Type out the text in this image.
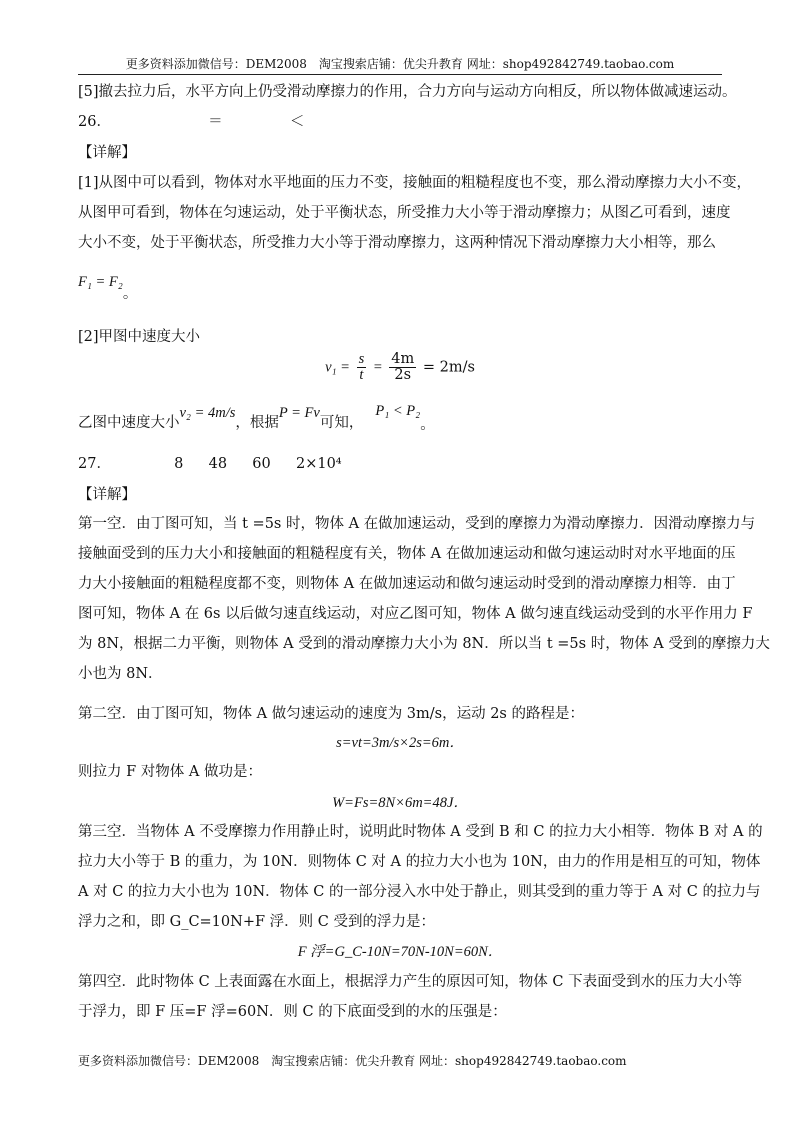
更多资料添加微信号：DEM2008　淘宝搜索店铺：优尖升教育 网址：shop492842749.taobao.com
[5]撤去拉力后，水平方向上仍受滑动摩擦力的作用，合力方向与运动方向相反，所以物体做减速运动。
26．	＝	＜
【详解】
[1]从图中可以看到，物体对水平地面的压力不变，接触面的粗糙程度也不变，那么滑动摩擦力大小不变，
从图甲可看到，物体在匀速运动，处于平衡状态，所受推力大小等于滑动摩擦力；从图乙可看到，速度
大小不变，处于平衡状态，所受推力大小等于滑动摩擦力，这两种情况下滑动摩擦力大小相等，那么
F₁ = F₂。
[2]甲图中速度大小
$v_1 = \frac{s}{t} = \frac{4m}{2s} = 2m/s$
乙图中速度大小v₂ = 4m/s，根据P = Fv可知，P₁ < P₂。
27．	8 48 60 2×10⁴
【详解】
第一空．由丁图可知，当 t =5s 时，物体 A 在做加速运动，受到的摩擦力为滑动摩擦力．因滑动摩擦力与
接触面受到的压力大小和接触面的粗糙程度有关，物体 A 在做加速运动和做匀速运动时对水平地面的压
力大小接触面的粗糙程度都不变，则物体 A 在做加速运动和做匀速运动时受到的滑动摩擦力相等．由丁
图可知，物体 A 在 6s 以后做匀速直线运动，对应乙图可知，物体 A 做匀速直线运动受到的水平作用力 F
为 8N，根据二力平衡，则物体 A 受到的滑动摩擦力大小为 8N．所以当 t =5s 时，物体 A 受到的摩擦力大
小也为 8N．
第二空．由丁图可知，物体 A 做匀速运动的速度为 3m/s，运动 2s 的路程是：
s=vt=3m/s×2s=6m．
则拉力 F 对物体 A 做功是：
W=Fs=8N×6m=48J．
第三空．当物体 A 不受摩擦力作用静止时，说明此时物体 A 受到 B 和 C 的拉力大小相等．物体 B 对 A 的
拉力大小等于 B 的重力，为 10N．则物体 C 对 A 的拉力大小也为 10N，由力的作用是相互的可知，物体
A 对 C 的拉力大小也为 10N．物体 C 的一部分浸入水中处于静止，则其受到的重力等于 A 对 C 的拉力与
浮力之和，即 G_C=10N+F 浮．则 C 受到的浮力是：
F 浮=G_C-10N=70N-10N=60N．
第四空．此时物体 C 上表面露在水面上，根据浮力产生的原因可知，物体 C 下表面受到水的压力大小等
于浮力，即 F 压=F 浮=60N．则 C 的下底面受到的水的压强是：
更多资料添加微信号：DEM2008　淘宝搜索店铺：优尖升教育 网址：shop492842749.taobao.com
